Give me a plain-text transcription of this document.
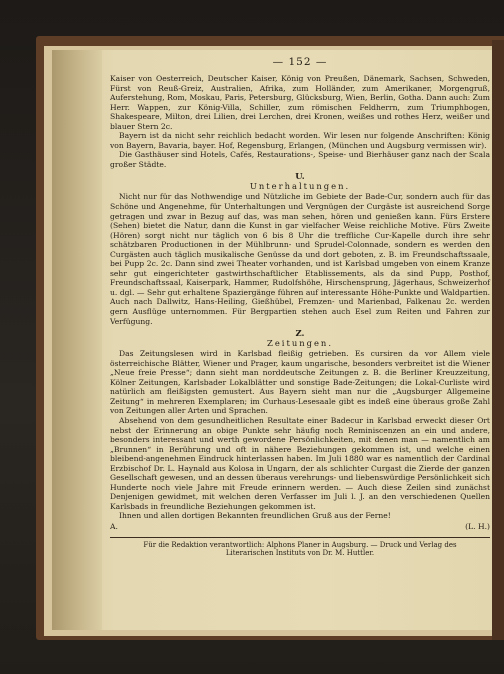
— 152 —

Kaiser von Oesterreich, Deutscher Kaiser, König von Preußen, Dänemark, Sachsen, Schweden, Fürst von Reuß-Greiz, Australien, Afrika, zum Holländer, zum Amerikaner, Morgengruß, Auferstehung, Rom, Moskau, Paris, Petersburg, Glücksburg, Wien, Berlin, Gotha. Dann auch: Zum Herr. Wappen, zur König-Villa, Schiller, zum römischen Feldherrn, zum Triumphbogen, Shakespeare, Milton, drei Lilien, drei Lerchen, drei Kronen, weißes und rothes Herz, weißer und blauer Stern 2c.

Bayern ist da nicht sehr reichlich bedacht worden. Wir lesen nur folgende Anschriften: König von Bayern, Bavaria, bayer. Hof, Regensburg, Erlangen, (München und Augsburg vermissen wir).

Die Gasthäuser sind Hotels, Cafés, Restaurations-, Speise- und Bierhäuser ganz nach der Scala großer Städte.

U.
Unterhaltungen.

Nicht nur für das Nothwendige und Nützliche im Gebiete der Bade-Cur, sondern auch für das Schöne und Angenehme, für Unterhaltungen und Vergnügen der Curgäste ist ausreichend Sorge getragen und zwar in Bezug auf das, was man sehen, hören und genießen kann. Fürs Erstere (Sehen) bietet die Natur, dann die Kunst in gar vielfacher Weise reichliche Motive. Fürs Zweite (Hören) sorgt nicht nur täglich von 6 bis 8 Uhr die treffliche Cur-Kapelle durch ihre sehr schätzbaren Productionen in der Mühlbrunn- und Sprudel-Colonnade, sondern es werden den Curgästen auch täglich musikalische Genüsse da und dort geboten, z. B. im Freundschaftssaale, bei Pupp 2c. 2c. Dann sind zwei Theater vorhanden, und ist Karlsbad umgeben von einem Kranze sehr gut eingerichteter gastwirthschaftlicher Etablissements, als da sind Pupp, Posthof, Freundschaftssaal, Kaiserpark, Hammer, Rudolfshöhe, Hirschensprung, Jägerhaus, Schweizerhof u. dgl. — Sehr gut erhaltene Spaziergänge führen auf interessante Höhe-Punkte und Waldpartien. Auch nach Dallwitz, Hans-Heiling, Gießhübel, Fremzen- und Marienbad, Falkenau 2c. werden gern Ausflüge unternommen. Für Bergpartien stehen auch Esel zum Reiten und Fahren zur Verfügung.

Z.
Zeitungen.

Das Zeitungslesen wird in Karlsbad fleißig getrieben. Es cursiren da vor Allem viele österreichische Blätter, Wiener und Prager, kaum ungarische, besonders verbreitet ist die Wiener „Neue freie Presse“; dann sieht man norddeutsche Zeitungen z. B. die Berliner Kreuzzeitung, Kölner Zeitungen, Karlsbader Lokalblätter und sonstige Bade-Zeitungen; die Lokal-Curliste wird natürlich am fleißigsten gemustert. Aus Bayern sieht man nur die „Augsburger Allgemeine Zeitung“ in mehreren Exemplaren; im Curhaus-Lesesaale gibt es indeß eine überaus große Zahl von Zeitungen aller Arten und Sprachen.

Absehend von dem gesundheitlichen Resultate einer Badecur in Karlsbad erweckt dieser Ort nebst der Erinnerung an obige Punkte sehr häufig noch Reminiscenzen an ein und andere, besonders interessant und werth gewordene Persönlichkeiten, mit denen man — namentlich am „Brunnen“ in Berührung und oft in nähere Beziehungen gekommen ist, und welche einen bleibend-angenehmen Eindruck hinterlassen haben. Im Juli 1880 war es namentlich der Cardinal Erzbischof Dr. L. Haynald aus Kolosa in Ungarn, der als schlichter Curgast die Zierde der ganzen Gesellschaft gewesen, und an dessen überaus verehrungs- und liebenswürdige Persönlichkeit sich Hunderte noch viele Jahre mit Freude erinnern werden. — Auch diese Zeilen sind zunächst Denjenigen gewidmet, mit welchen deren Verfasser im Juli l. J. an den verschiedenen Quellen Karlsbads in freundliche Beziehungen gekommen ist.

Ihnen und allen dortigen Bekannten freundlichen Gruß aus der Ferne!

A.	(L. H.)
Für die Redaktion verantwortlich: Alphons Planer in Augsburg. — Druck und Verlag des
Literarischen Instituts von Dr. M. Huttler.
